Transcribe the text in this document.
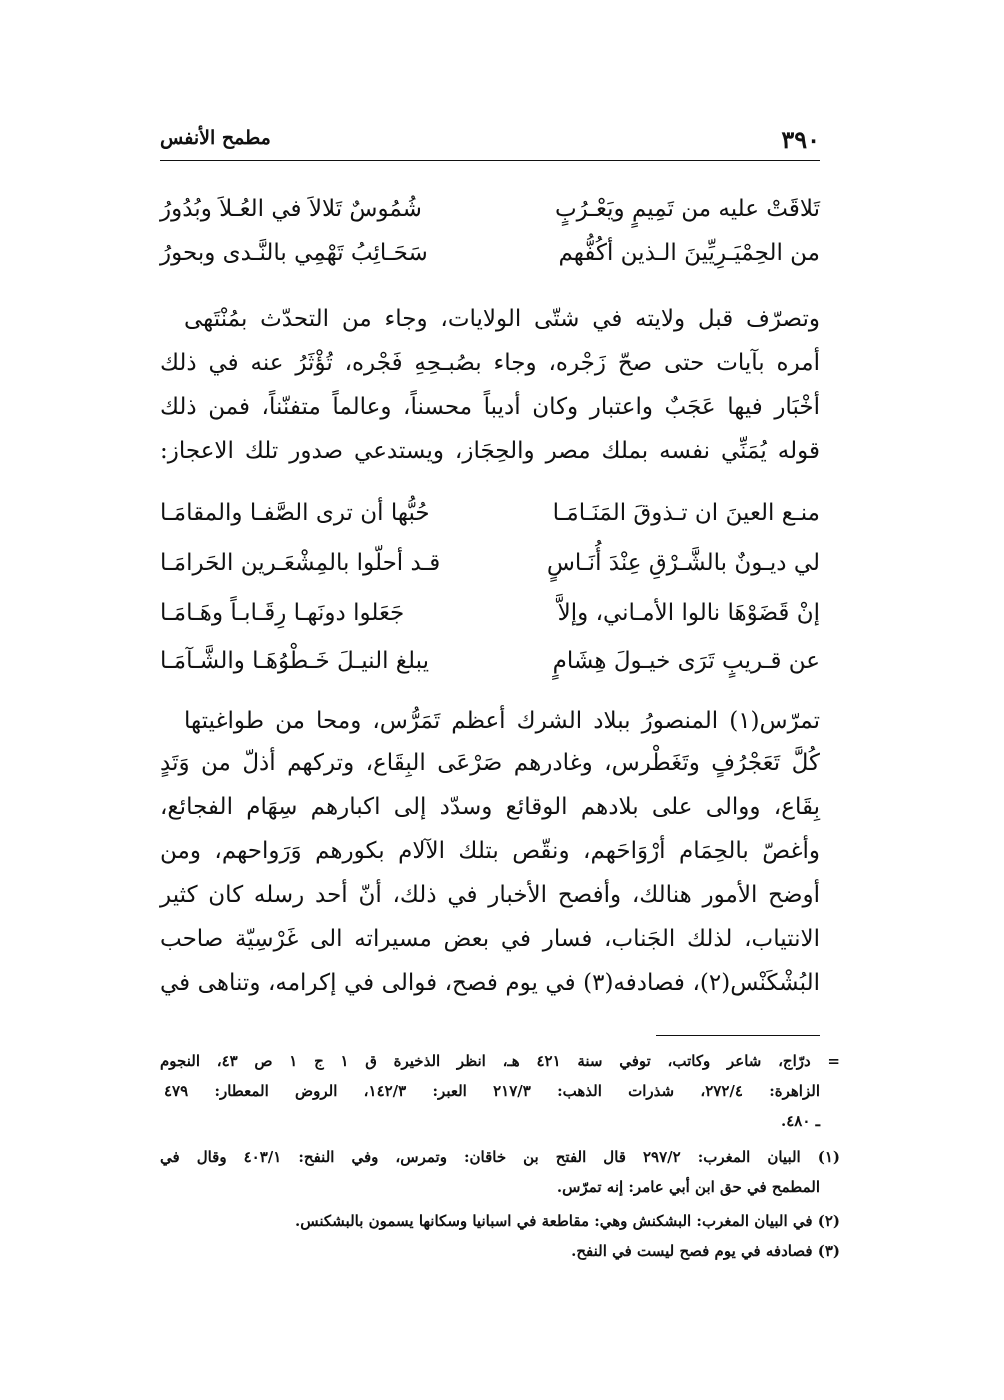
٣٩٠
مطمح الأنفس
تَلاقَتْ عليه من تَمِيمٍ ويَعْـرُبٍ
شُمُوسٌ تَلالاَ في العُـلاَ وبُدُورُ
من الحِمْيَـرِيِّينَ الـذين أكُفُّهم
سَحَـائِبُ تَهْمِي بالنَّـدى وبحورُ
وتصرّف قبل ولايته في شتّى الولايات، وجاء من التحدّث بمُنْتَهى
أمره بآيات حتى صحّ زَجْره، وجاء بصُبـحِهِ فَجْره، تُؤْثَرُ عنه في ذلك
أخْبَار فيها عَجَبٌ واعتبار وكان أديباً محسناً، وعالماً متفنّناً، فمن ذلك
قوله يُمَنِّي نفسه بملك مصر والحِجَاز، ويستدعي صدور تلك الاعجاز:
منـع العينَ ان تـذوقَ المَنَـامَـا
حُبُّها أن ترى الصَّفـا والمقامَـا
لي ديـونٌ بالشَّـرْقِ عِنْدَ أُنَـاسٍ
قـد أحلّوا بالمِشْعَـرين الحَرامَـا
إنْ قَضَوْهَا نالوا الأمـاني، وإلاَّ
جَعَلوا دونَهـا رِقَـابـاً وهَـامَـا
عن قـريبٍ تَرَى خيـولَ هِشَامٍ
يبلغ النيـلَ خَـطْوُهَـا والشَّـآمَـا
تمرّس(١) المنصورُ ببلاد الشرك أعظم تَمَرُّس، ومحا من طواغيتها
كُلَّ تَعَجْرُفٍ وتَغَطْرس، وغادرهم صَرْعَى البِقَاع، وتركهم أذلّ من وَتَدٍ
بِقَاع، ووالى على بلادهم الوقائع وسدّد إلى اكبارهم سِهَام الفجائع،
وأغصّ بالحِمَام أرْوَاحَهم، ونقّص بتلك الآلام بكورهم وَرَواحهم، ومن
أوضح الأمور هنالك، وأفصح الأخبار في ذلك، أنّ أحد رسله كان كثير
الانتياب، لذلك الجَناب، فسار في بعض مسيراته الى غَرْسِيّة صاحب
البُشْكَنْس(٢)، فصادفه(٣) في يوم فصح، فوالى في إكرامه، وتناهى في
= درّاج، شاعر وكاتب، توفي سنة ٤٢١ هـ، انظر الذخيرة ق ١ ج ١ ص ٤٣، النجوم
الزاهرة: ٢٧٢/٤، شذرات الذهب: ٢١٧/٣ العبر: ١٤٢/٣، الروض المعطار: ٤٧٩
ـ ٤٨٠.
(١) البيان المغرب: ٢٩٧/٢ قال الفتح بن خاقان: وتمرس، وفي النفح: ٤٠٣/١ وقال في
المطمح في حق ابن أبي عامر: إنه تمرّس.
(٢) في البيان المغرب: البشكنش وهي: مقاطعة في اسبانيا وسكانها يسمون بالبشكنس.
(٣) فصادفه في يوم فصح ليست في النفح.
